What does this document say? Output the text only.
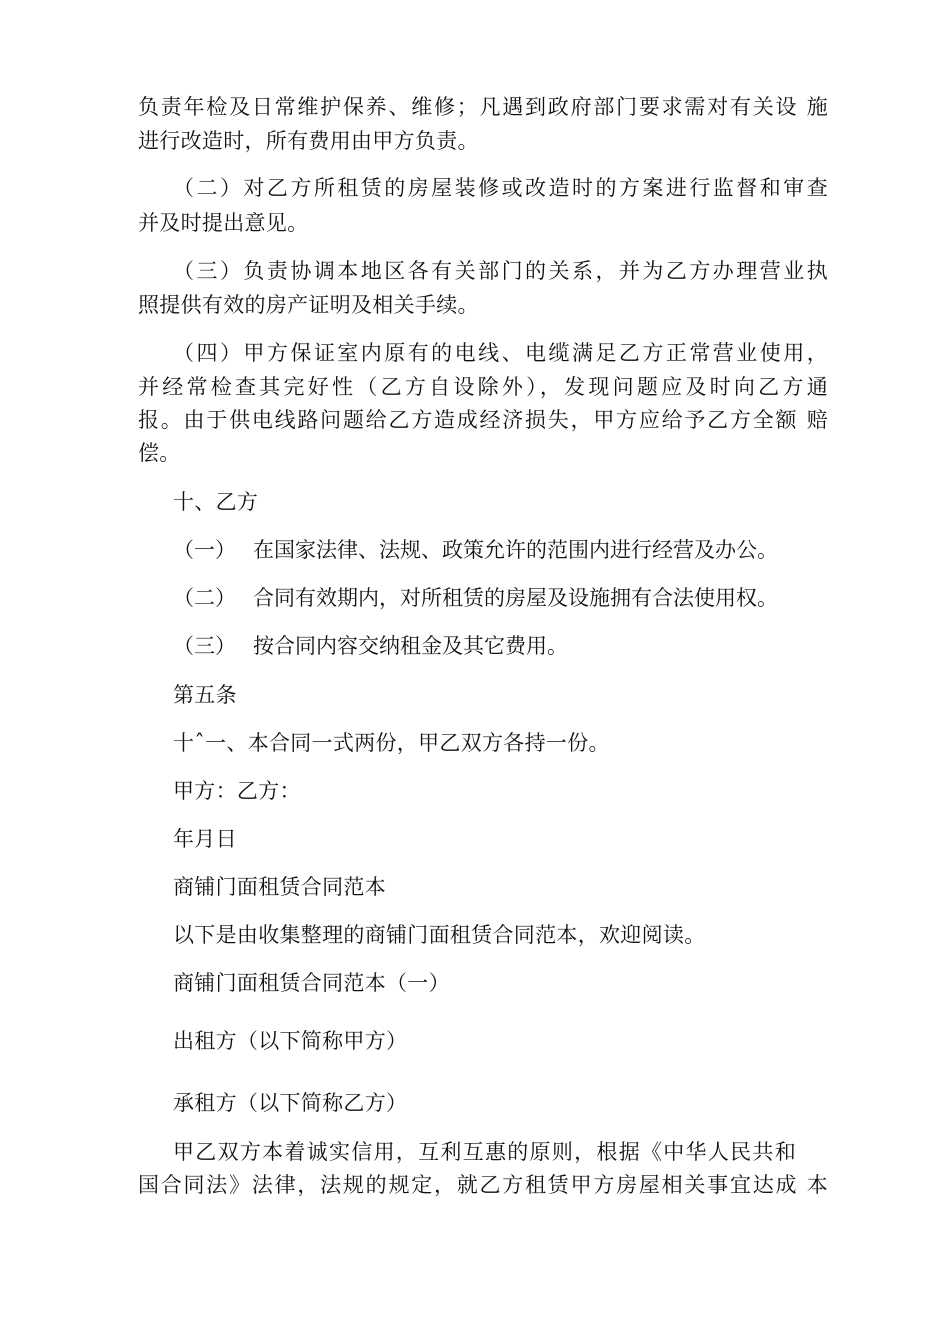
负责年检及日常维护保养、维修；凡遇到政府部门要求需对有关设 施
进行改造时，所有费用由甲方负责。
（二）对乙方所租赁的房屋装修或改造时的方案进行监督和审查
并及时提出意见。
（三）负责协调本地区各有关部门的关系，并为乙方办理营业执
照提供有效的房产证明及相关手续。
（四）甲方保证室内原有的电线、电缆满足乙方正常营业使用，
并经常检查其完好性（乙方自设除外），发现问题应及时向乙方通
报。由于供电线路问题给乙方造成经济损失，甲方应给予乙方全额 赔
偿。
十、乙方
（一） 在国家法律、法规、政策允许的范围内进行经营及办公。
（二） 合同有效期内，对所租赁的房屋及设施拥有合法使用权。
（三） 按合同内容交纳租金及其它费用。
第五条
十ˆ一、本合同一式两份，甲乙双方各持一份。
甲方：乙方：
年月日
商铺门面租赁合同范本
以下是由收集整理的商铺门面租赁合同范本，欢迎阅读。
商铺门面租赁合同范本（一）
出租方（以下简称甲方）
承租方（以下简称乙方）
甲乙双方本着诚实信用，互利互惠的原则，根据《中华人民共和
国合同法》法律，法规的规定，就乙方租赁甲方房屋相关事宜达成 本
